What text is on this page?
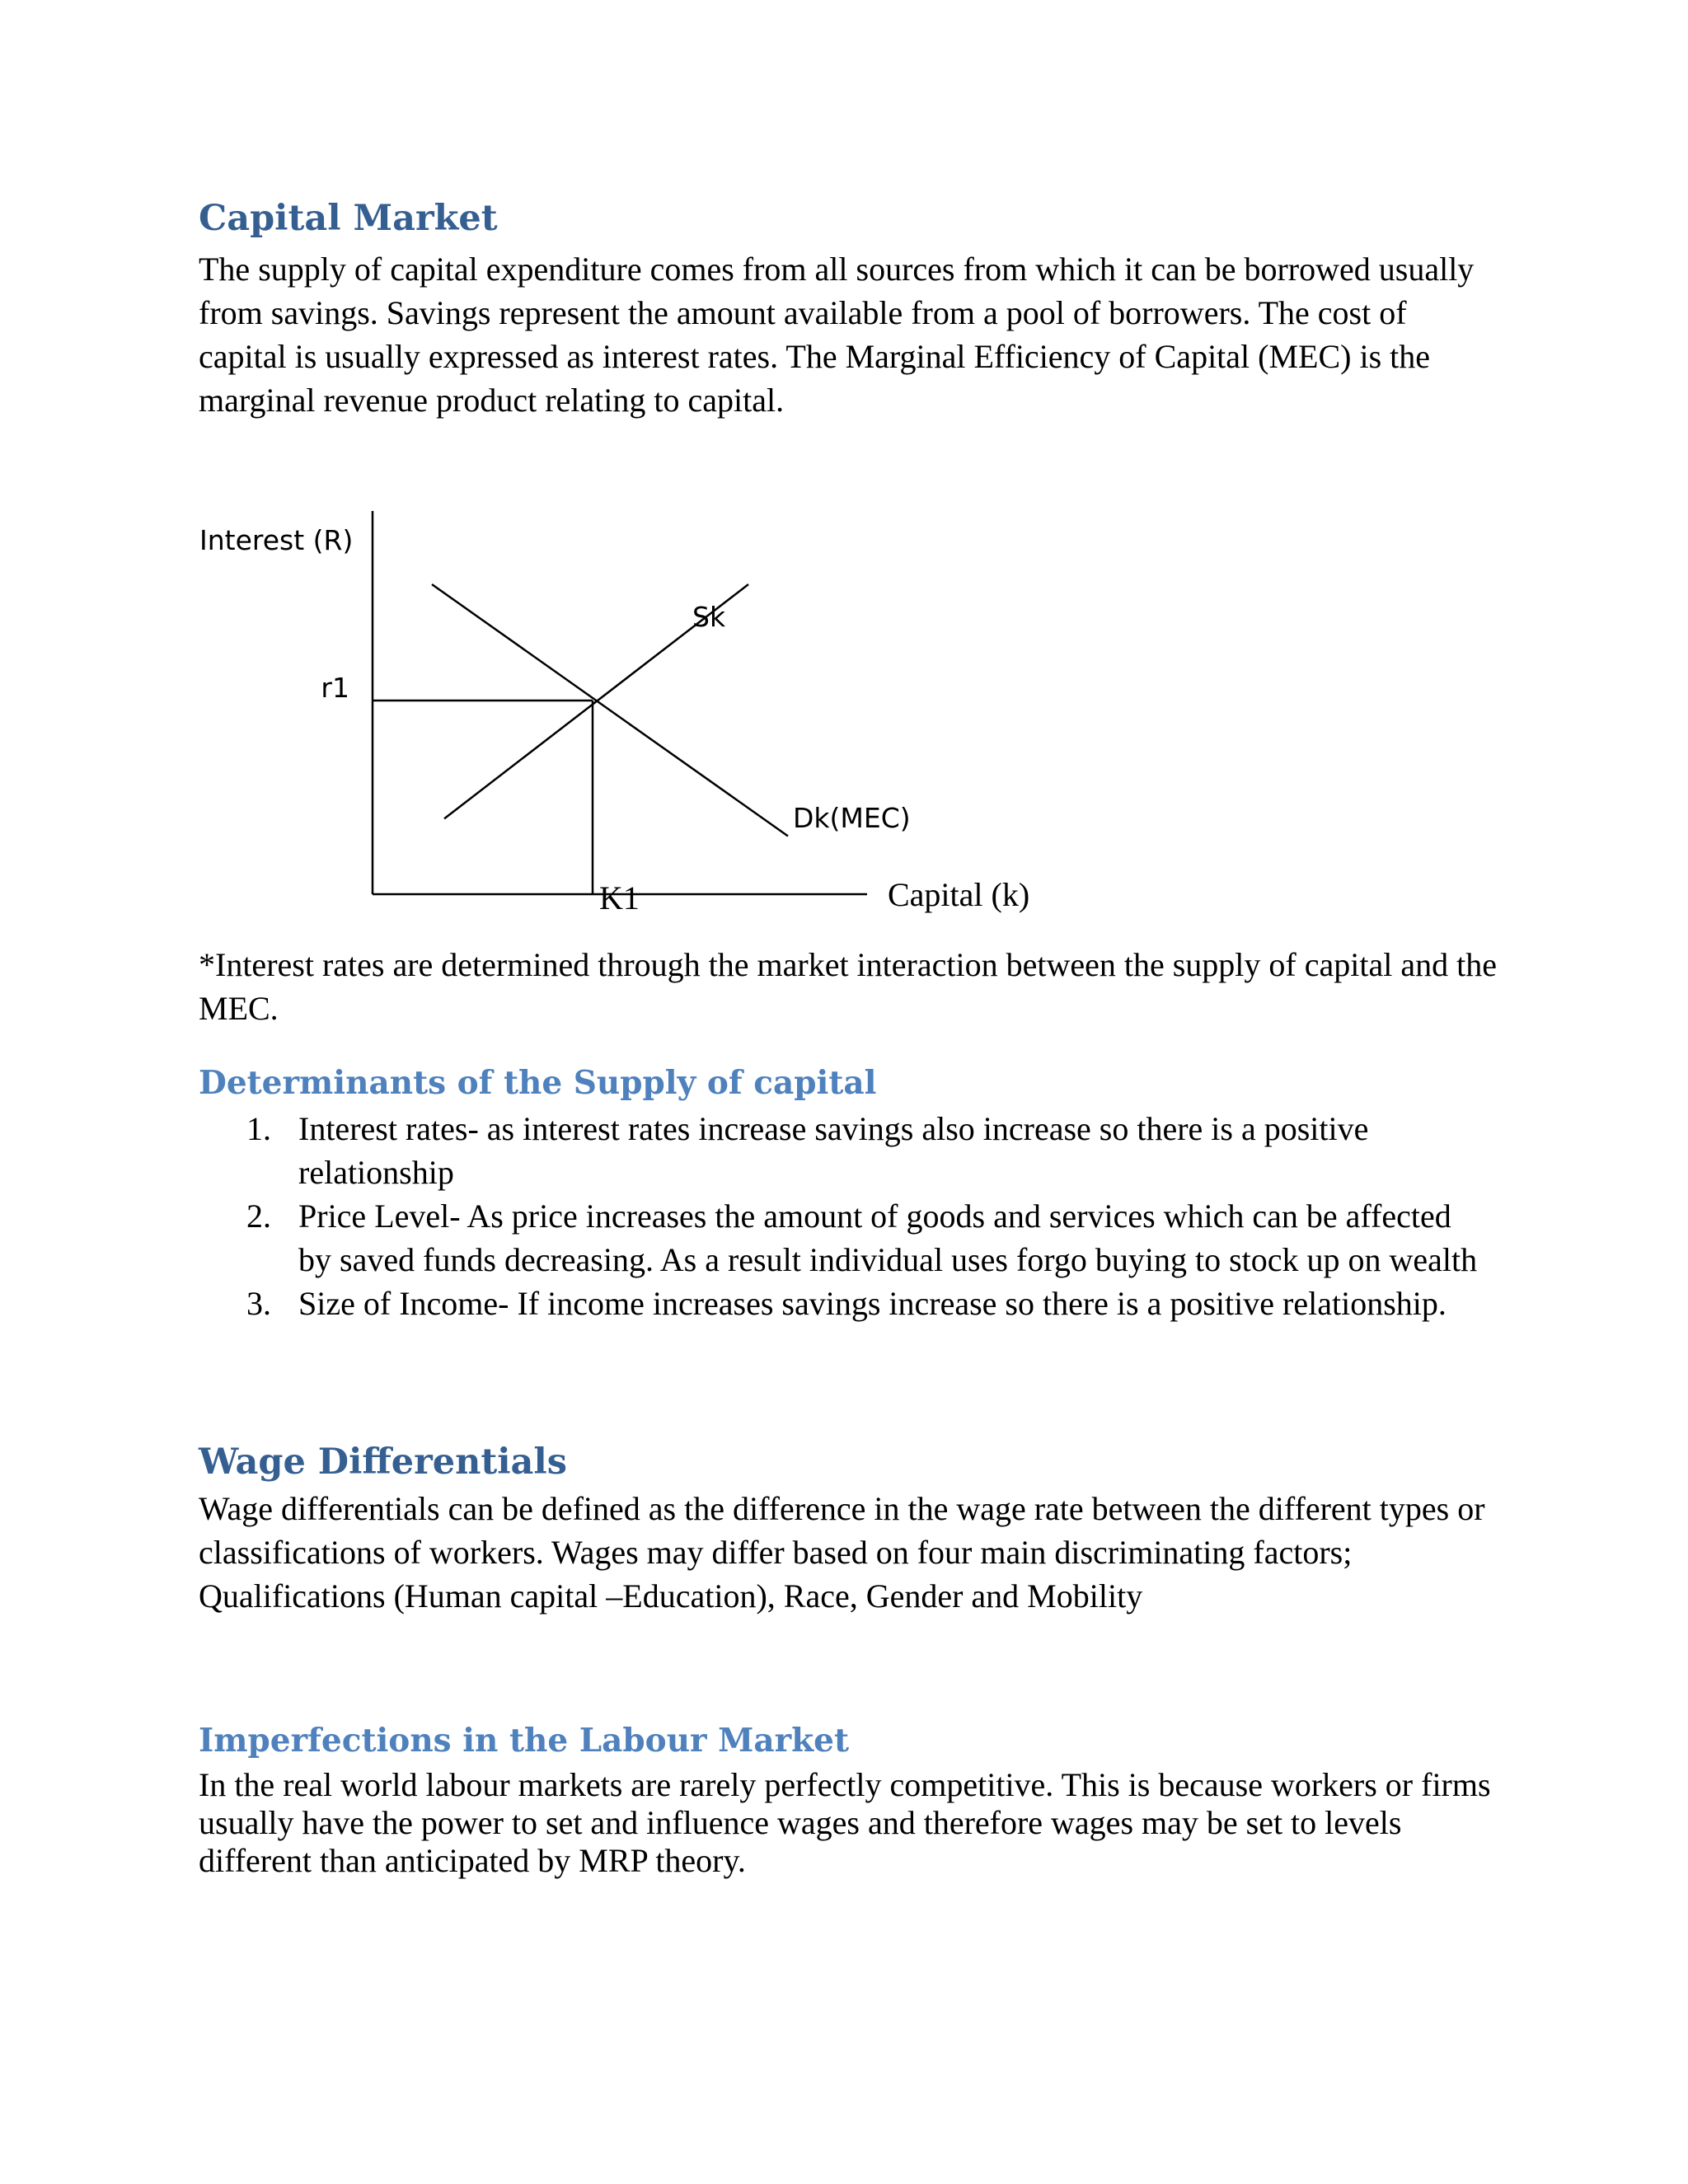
Capital Market

The supply of capital expenditure comes from all sources from which it can be borrowed usually from savings. Savings represent the amount available from a pool of borrowers. The cost of capital is usually expressed as interest rates. The Marginal Efficiency of Capital (MEC) is the marginal revenue product relating to capital.

Interest (R)
Capital (k)
r1
K1
Sk
Dk(MEC)

*Interest rates are determined through the market interaction between the supply of capital and the MEC.

Determinants of the Supply of capital
1. Interest rates- as interest rates increase savings also increase so there is a positive relationship
2. Price Level- As price increases the amount of goods and services which can be affected by saved funds decreasing. As a result individual uses forgo buying to stock up on wealth
3. Size of Income- If income increases savings increase so there is a positive relationship.
Wage Differentials

Wage differentials can be defined as the difference in the wage rate between the different types or classifications of workers. Wages may differ based on four main discriminating factors; Qualifications (Human capital –Education), Race, Gender and Mobility

Imperfections in the Labour Market

In the real world labour markets are rarely perfectly competitive. This is because workers or firms usually have the power to set and influence wages and therefore wages may be set to levels different than anticipated by MRP theory.
